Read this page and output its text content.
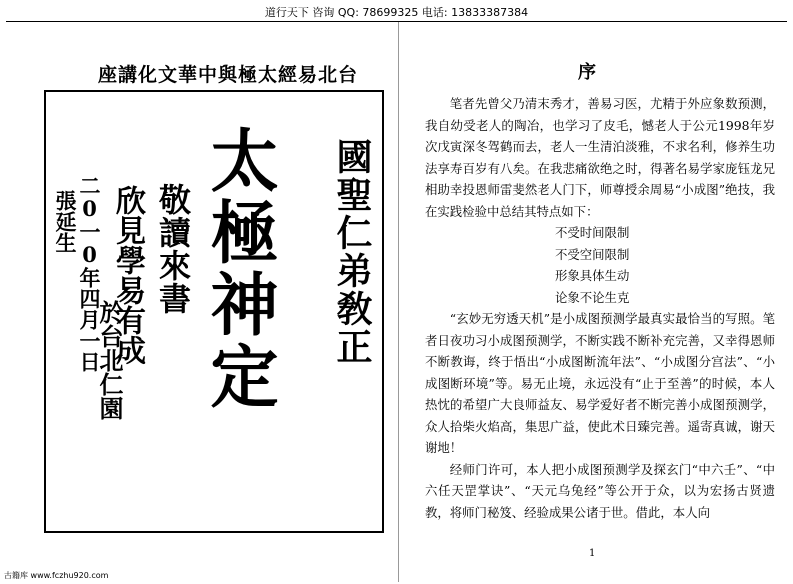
道行天下 咨询 QQ: 78699325 电话: 13833387384
座講化文華中與極太經易北台
太極神定 國聖仁弟敎正
敬讀來書
欣見學易有成
二0一0年四月一日
張延生
於台北仁園
序

笔者先曾父乃清末秀才，善易习医，尤精于外应象数预测，我自幼受老人的陶冶，也学习了皮毛，憾老人于公元1998年岁次戊寅深冬驾鹤而去，老人一生清泊淡雅，不求名利，修养生功法享寿百岁有八矣。在我悲痛欲绝之时，得著名易学家庞钰龙兄相助幸投恩师雷斐然老人门下，师尊授余周易“小成图”绝技，我在实践检验中总结其特点如下：

不受时间限制

不受空间限制

形象具体生动

论象不论生克

“玄妙无穷透天机”是小成图预测学最真实最恰当的写照。笔者日夜功习小成图预测学，不断实践不断补充完善，又幸得恩师不断教诲，终于悟出“小成图断流年法”、“小成图分宫法”、“小成图断环境”等。易无止境，永远没有“止于至善”的时候，本人热忱的希望广大良师益友、易学爱好者不断完善小成图预测学，众人拾柴火焰高，集思广益，使此术日臻完善。遥寄真诚，谢天谢地！

经师门许可，本人把小成图预测学及探玄门“中六壬”、“中六任天罡掌诀”、“天元乌兔经”等公开于众，以为宏扬古贤遗教，将师门秘笈、经验成果公诸于世。借此，本人向

1
古籍库 www.fczhu920.com
